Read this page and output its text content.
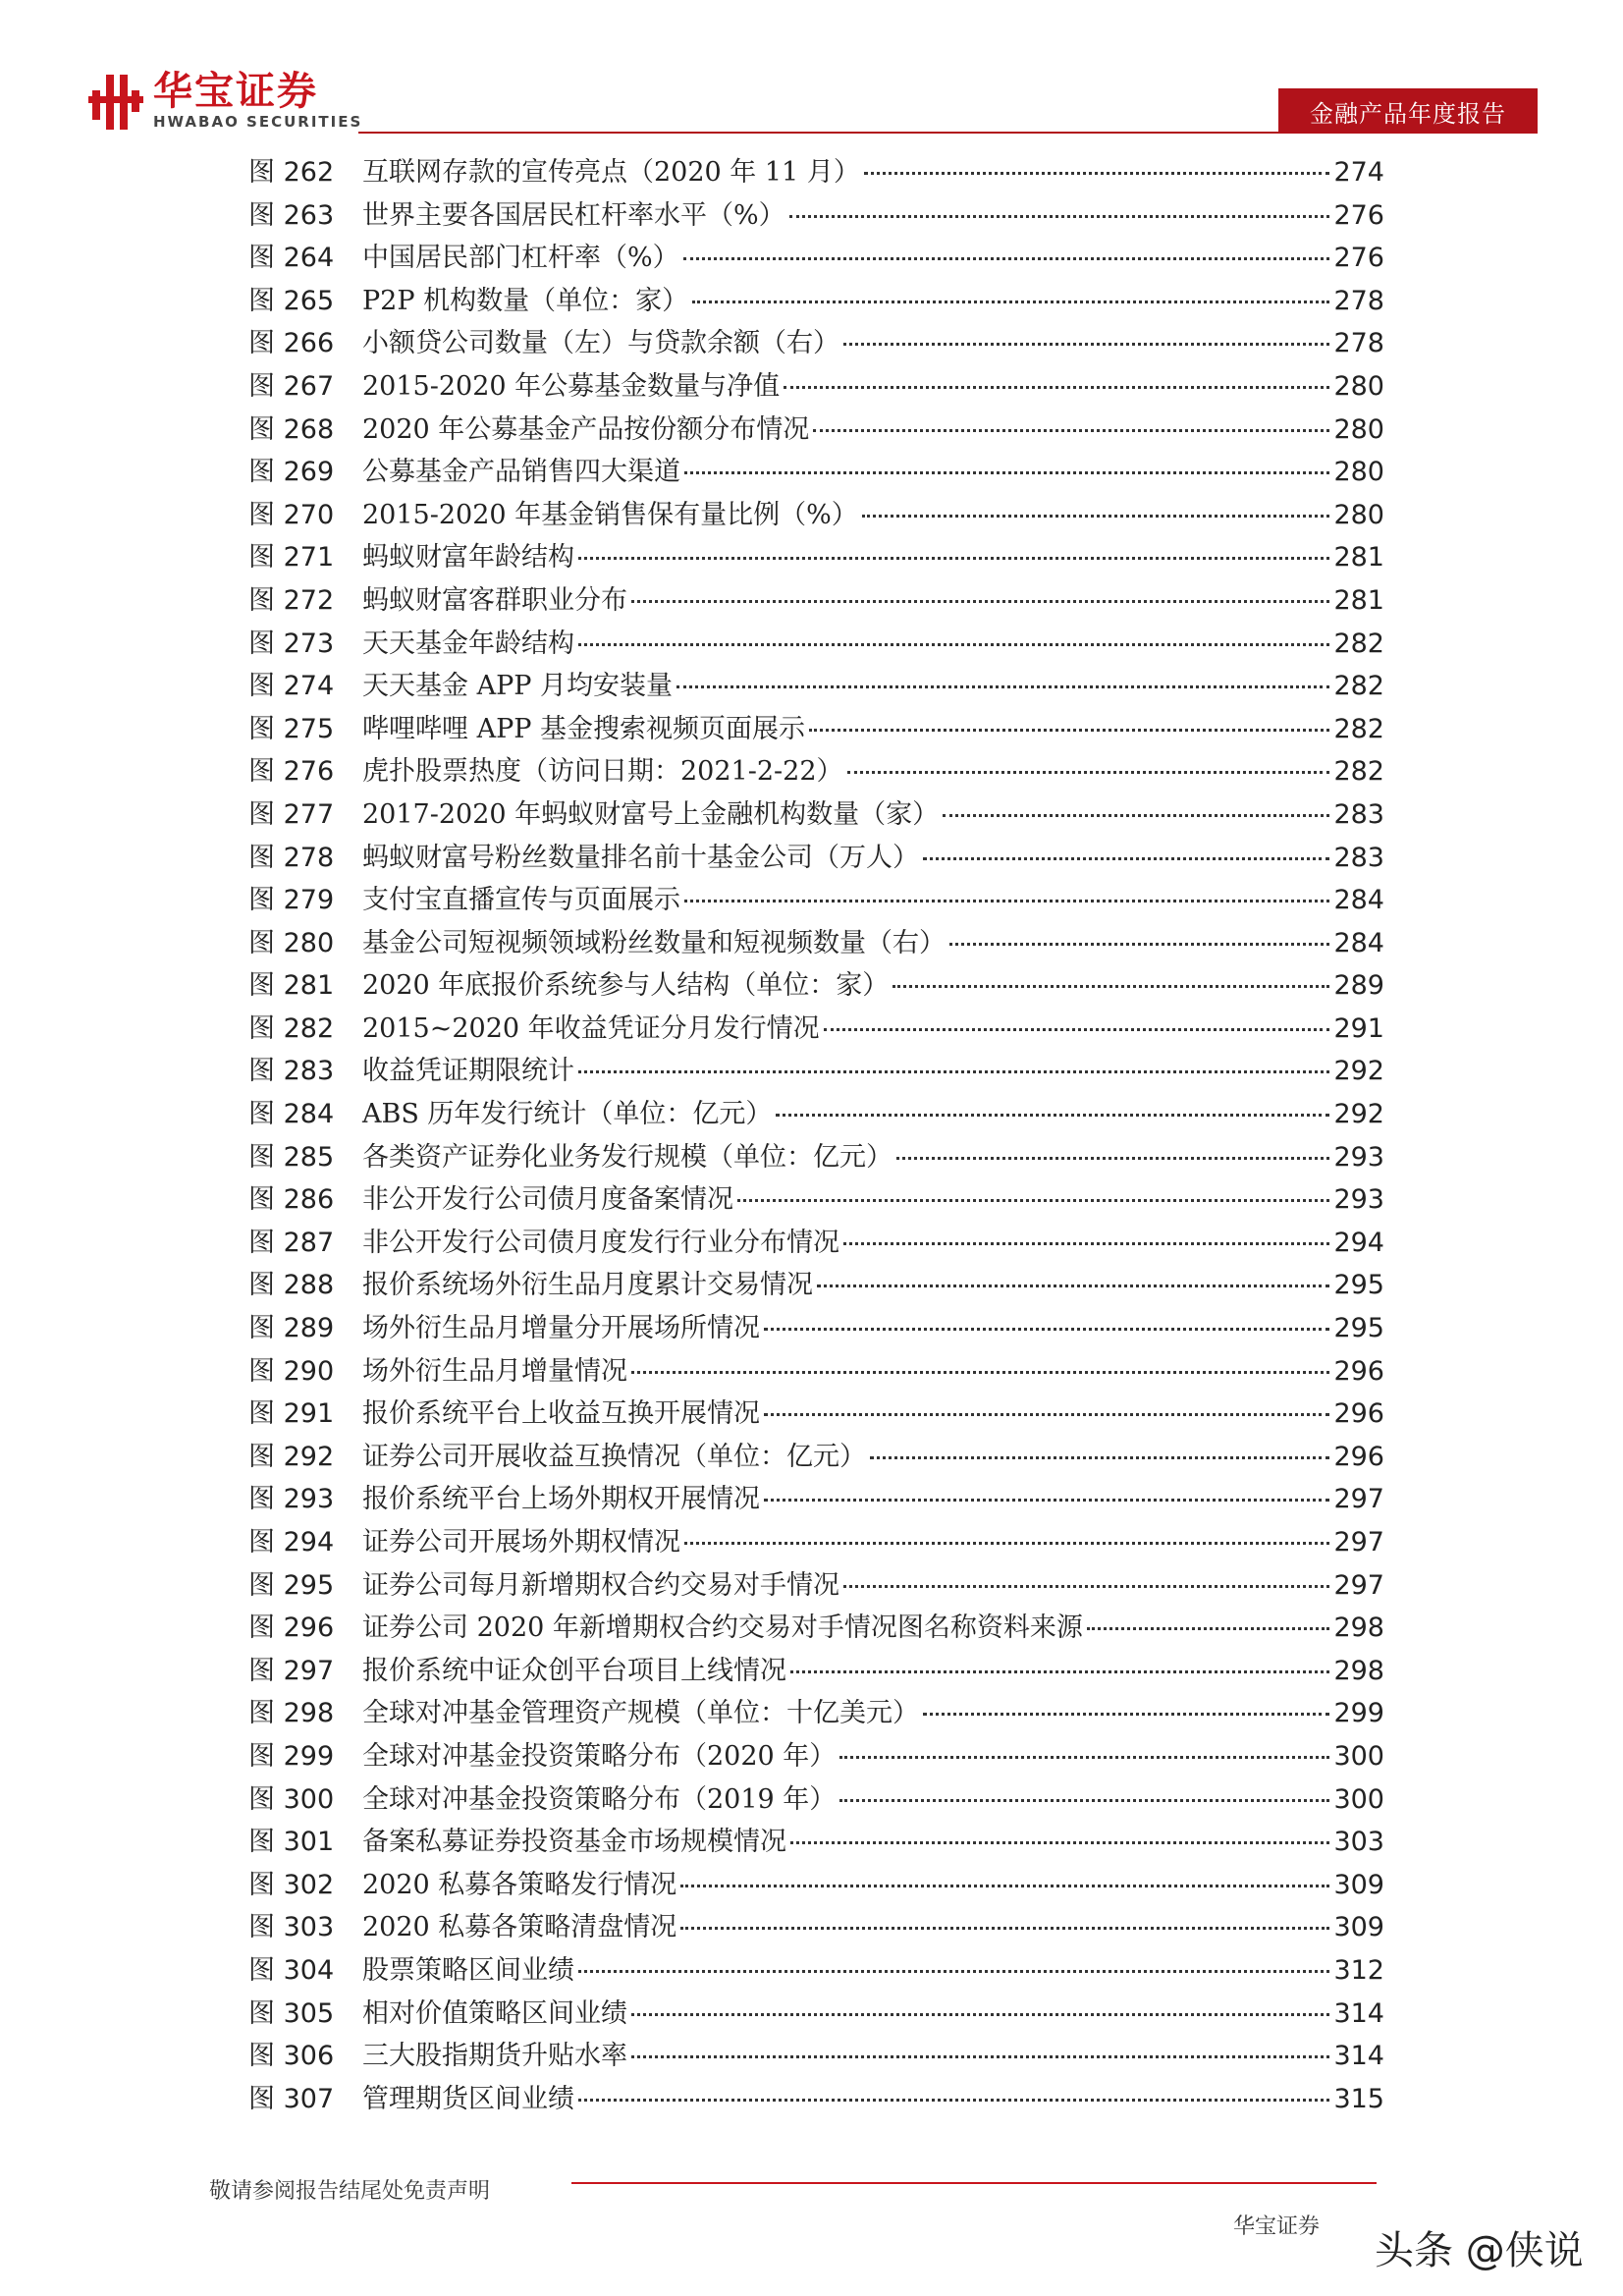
华宝证券
HWABAO SECURITIES	金融产品年度报告
图 262	互联网存款的宣传亮点（2020 年 11 月）	274
图 263	世界主要各国居民杠杆率水平（%）	276
图 264	中国居民部门杠杆率（%）	276
图 265	P2P 机构数量（单位：家）	278
图 266	小额贷公司数量（左）与贷款余额（右）	278
图 267	2015-2020 年公募基金数量与净值	280
图 268	2020 年公募基金产品按份额分布情况	280
图 269	公募基金产品销售四大渠道	280
图 270	2015-2020 年基金销售保有量比例（%）	280
图 271	蚂蚁财富年龄结构	281
图 272	蚂蚁财富客群职业分布	281
图 273	天天基金年龄结构	282
图 274	天天基金 APP 月均安装量	282
图 275	哔哩哔哩 APP 基金搜索视频页面展示	282
图 276	虎扑股票热度（访问日期：2021-2-22）	282
图 277	2017-2020 年蚂蚁财富号上金融机构数量（家）	283
图 278	蚂蚁财富号粉丝数量排名前十基金公司（万人）	283
图 279	支付宝直播宣传与页面展示	284
图 280	基金公司短视频领域粉丝数量和短视频数量（右）	284
图 281	2020 年底报价系统参与人结构（单位：家）	289
图 282	2015~2020 年收益凭证分月发行情况	291
图 283	收益凭证期限统计	292
图 284	ABS 历年发行统计（单位：亿元）	292
图 285	各类资产证券化业务发行规模（单位：亿元）	293
图 286	非公开发行公司债月度备案情况	293
图 287	非公开发行公司债月度发行行业分布情况	294
图 288	报价系统场外衍生品月度累计交易情况	295
图 289	场外衍生品月增量分开展场所情况	295
图 290	场外衍生品月增量情况	296
图 291	报价系统平台上收益互换开展情况	296
图 292	证券公司开展收益互换情况（单位：亿元）	296
图 293	报价系统平台上场外期权开展情况	297
图 294	证券公司开展场外期权情况	297
图 295	证券公司每月新增期权合约交易对手情况	297
图 296	证券公司 2020 年新增期权合约交易对手情况图名称资料来源	298
图 297	报价系统中证众创平台项目上线情况	298
图 298	全球对冲基金管理资产规模（单位：十亿美元）	299
图 299	全球对冲基金投资策略分布（2020 年）	300
图 300	全球对冲基金投资策略分布（2019 年）	300
图 301	备案私募证券投资基金市场规模情况	303
图 302	2020 私募各策略发行情况	309
图 303	2020 私募各策略清盘情况	309
图 304	股票策略区间业绩	312
图 305	相对价值策略区间业绩	314
图 306	三大股指期货升贴水率	314
图 307	管理期货区间业绩	315
敬请参阅报告结尾处免责声明
华宝证券
头条 @侠说
